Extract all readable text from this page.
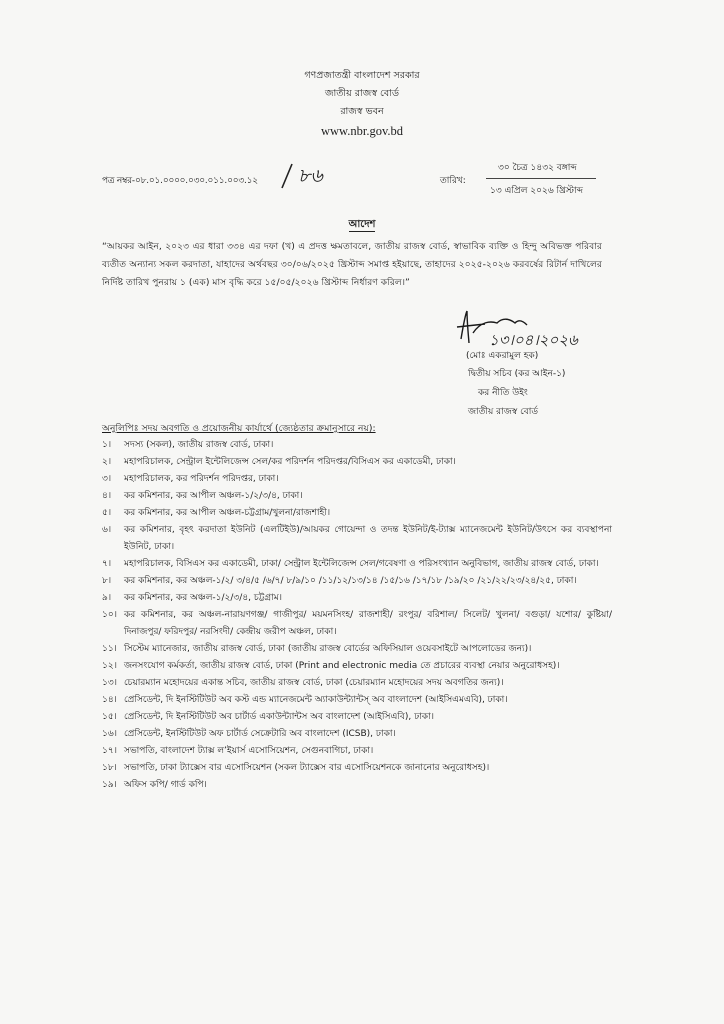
গণপ্রজাতন্ত্রী বাংলাদেশ সরকার
জাতীয় রাজস্ব বোর্ড
রাজস্ব ভবন
www.nbr.gov.bd
পত্র নম্বর-০৮.০১.০০০০.০৩০.০১১.০০৩.১২ ৮৬	তারিখ:
৩০ চৈত্র ১৪৩২ বঙ্গাব্দ
১৩ এপ্রিল ২০২৬ খ্রিস্টাব্দ
আদেশ
“আয়কর আইন, ২০২৩ এর ধারা ৩৩৪ এর দফা (খ) এ প্রদত্ত ক্ষমতাবলে, জাতীয় রাজস্ব বোর্ড, স্বাভাবিক ব্যক্তি ও হিন্দু অবিভক্ত পরিবার ব্যতীত অন্যান্য সকল করদাতা, যাহাদের অর্থবছর ৩০/০৬/২০২৫ খ্রিস্টাব্দ সমাপ্ত হইয়াছে, তাহাদের ২০২৫-২০২৬ করবর্ষের রিটার্ন দাখিলের নির্দিষ্ট তারিখ পুনরায় ১ (এক) মাস বৃদ্ধি করে ১৫/০৫/২০২৬ খ্রিস্টাব্দ নির্ধারণ করিল।”
১৩।০৪।২০২৬
(মোঃ একরামুল হক)
দ্বিতীয় সচিব (কর আইন-১)
কর নীতি উইং
জাতীয় রাজস্ব বোর্ড
অনুলিপিঃ সদয় অবগতি ও প্রয়োজনীয় কার্যার্থে (জ্যেষ্ঠতার ক্রমানুসারে নয়):
১।	সদস্য (সকল), জাতীয় রাজস্ব বোর্ড, ঢাকা।
২।	মহাপরিচালক, সেন্ট্রাল ইন্টেলিজেন্স সেল/কর পরিদর্শন পরিদপ্তর/বিসিএস কর একাডেমী, ঢাকা।
৩।	মহাপরিচালক, কর পরিদর্শন পরিদপ্তর, ঢাকা।
৪।	কর কমিশনার, কর আপীল অঞ্চল-১/২/৩/৪, ঢাকা।
৫।	কর কমিশনার, কর আপীল অঞ্চল-চট্টগ্রাম/খুলনা/রাজশাহী।
৬।	কর কমিশনার, বৃহৎ করদাতা ইউনিট (এলটিইউ)/আয়কর গোয়েন্দা ও তদন্ত ইউনিট/ই-ট্যাক্স ম্যানেজমেন্ট ইউনিট/উৎসে কর ব্যবস্থাপনা ইউনিট, ঢাকা।
৭।	মহাপরিচালক, বিসিএস কর একাডেমী, ঢাকা/ সেন্ট্রাল ইন্টেলিজেন্স সেল/গবেষণা ও পরিসংখ্যান অনুবিভাগ, জাতীয় রাজস্ব বোর্ড, ঢাকা।
৮।	কর কমিশনার, কর অঞ্চল-১/২/ ৩/৪/৫ /৬/৭/ ৮/৯/১০ /১১/১২/১৩/১৪ /১৫/১৬ /১৭/১৮ /১৯/২০ /২১/২২/২৩/২৪/২৫, ঢাকা।
৯।	কর কমিশনার, কর অঞ্চল-১/২/৩/৪, চট্টগ্রাম।
১০। কর কমিশনার, কর অঞ্চল-নারায়ণগঞ্জ/ গাজীপুর/ ময়মনসিংহ/ রাজশাহী/ রংপুর/ বরিশাল/ সিলেট/ খুলনা/ বগুড়া/ যশোর/ কুষ্টিয়া/ দিনাজপুর/ ফরিদপুর/ নরসিংদী/ কেন্দ্রীয় জরীপ অঞ্চল, ঢাকা।
১১। সিস্টেম ম্যানেজার, জাতীয় রাজস্ব বোর্ড, ঢাকা (জাতীয় রাজস্ব বোর্ডের অফিসিয়াল ওয়েবসাইটে আপলোডের জন্য)।
১২। জনসংযোগ কর্মকর্তা, জাতীয় রাজস্ব বোর্ড, ঢাকা (Print and electronic media তে প্রচারের ব্যবস্থা নেয়ার অনুরোধসহ)।
১৩। চেয়ারম্যান মহোদয়ের একান্ত সচিব, জাতীয় রাজস্ব বোর্ড, ঢাকা (চেয়ারম্যান মহোদয়ের সদয় অবগতির জন্য)।
১৪। প্রেসিডেন্ট, দি ইনস্টিটিউট অব কস্ট এন্ড ম্যানেজমেন্ট অ্যাকাউন্ট্যান্টস্ অব বাংলাদেশ (আইসিএমএবি), ঢাকা।
১৫। প্রেসিডেন্ট, দি ইনস্টিটিউট অব চার্টার্ড একাউন্ট্যান্টস অব বাংলাদেশ (আইসিএবি), ঢাকা।
১৬। প্রেসিডেন্ট, ইনস্টিটিউট অফ চার্টার্ড সেক্রেটারি অব বাংলাদেশ (ICSB), ঢাকা।
১৭। সভাপতি, বাংলাদেশ ট্যাক্স ল’ইয়ার্স এসোসিয়েশন, সেগুনবাগিচা, ঢাকা।
১৮। সভাপতি, ঢাকা ট্যাক্সেস বার এসোসিয়েশন (সকল ট্যাক্সেস বার এসোসিয়েশনকে জানানোর অনুরোধসহ)।
১৯। অফিস কপি/ গার্ড কপি।
